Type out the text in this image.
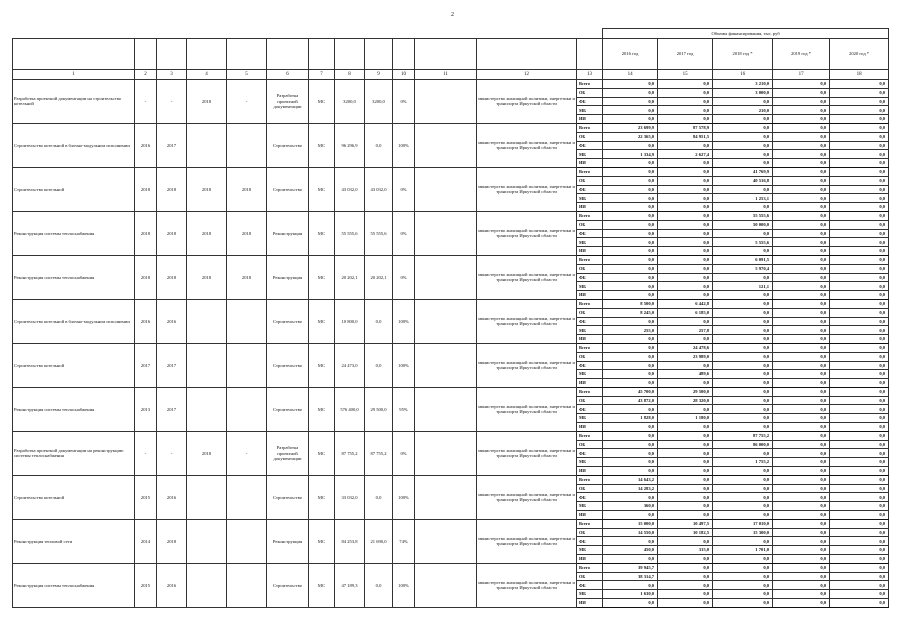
2
													Объемы финансирования, тыс. руб				
													2016 год	2017 год	2018 год *	2019 год *	2020 год *
1	2	3	4	5	6	7	8	9	10	11	12	13	14	15	16	17	18
Разработка проектной документации на строительство котельной	-	-	2018	-	Разработка проектной документации	МС	3200,0	3200,0	0%		министерство жилищной политики, энергетики и транспорта Иркутской области	Всего	0,0	0,0	3 210,0	0,0	0,0
												ОБ	0,0	0,0	3 000,0	0,0	0,0
												ФБ	0,0	0,0	0,0	0,0	0,0
												МБ	0,0	0,0	210,0	0,0	0,0
												ИИ	0,0	0,0	0,0	0,0	0,0
Строительство котельной в блочно-модульном исполнении	2016	2017			Строительство	МС	96 296,9	0,0	100%		министерство жилищной политики, энергетики и транспорта Иркутской области	Всего	23 699,9	87 578,9	0,0	0,0	0,0
												ОБ	22 365,0	84 951,5	0,0	0,0	0,0
												ФБ	0,0	0,0	0,0	0,0	0,0
												МБ	1 334,9	2 627,4	0,0	0,0	0,0
												ИИ	0,0	0,0	0,0	0,0	0,0
Строительство котельной	2018	2018	2018	2018	Строительство	МС	43 032,0	43 032,0	0%		министерство жилищной политики, энергетики и транспорта Иркутской области	Всего	0,0	0,0	41 769,9	0,0	0,0
												ОБ	0,0	0,0	40 516,8	0,0	0,0
												ФБ	0,0	0,0	0,0	0,0	0,0
												МБ	0,0	0,0	1 253,1	0,0	0,0
												ИИ	0,0	0,0	0,0	0,0	0,0
Реконструкция системы теплоснабжения	2018	2018	2018	2018	Реконструкция	МС	55 555,6	55 555,6	0%		министерство жилищной политики, энергетики и транспорта Иркутской области	Всего	0,0	0,0	55 555,6	0,0	0,0
												ОБ	0,0	0,0	50 000,0	0,0	0,0
												ФБ	0,0	0,0	0,0	0,0	0,0
												МБ	0,0	0,0	5 555,6	0,0	0,0
												ИИ	0,0	0,0	0,0	0,0	0,0
Реконструкция системы теплоснабжения	2018	2018	2018	2018	Реконструкция	МС	20 202,1	20 202,1	0%		министерство жилищной политики, энергетики и транспорта Иркутской области	Всего	0,0	0,0	6 091,5	0,0	0,0
												ОБ	0,0	0,0	5 970,4	0,0	0,0
												ФБ	0,0	0,0	0,0	0,0	0,0
												МБ	0,0	0,0	121,1	0,0	0,0
												ИИ	0,0	0,0	0,0	0,0	0,0
Строительство котельной в блочно-модульном исполнении	2016	2016			Строительство	МС	10 800,0	0,0	100%		министерство жилищной политики, энергетики и транспорта Иркутской области	Всего	8 500,0	6 442,8	0,0	0,0	0,0
												ОБ	8 245,0	6 185,0	0,0	0,0	0,0
												ФБ	0,0	0,0	0,0	0,0	0,0
												МБ	255,0	257,8	0,0	0,0	0,0
												ИИ	0,0	0,0	0,0	0,0	0,0
Строительство котельной	2017	2017			Строительство	МС	24 473,0	0,0	100%		министерство жилищной политики, энергетики и транспорта Иркутской области	Всего	0,0	24 478,6	0,0	0,0	0,0
												ОБ	0,0	23 989,0	0,0	0,0	0,0
												ФБ	0,0	0,0	0,0	0,0	0,0
												МБ	0,0	489,6	0,0	0,0	0,0
												ИИ	0,0	0,0	0,0	0,0	0,0
Реконструкция системы теплоснабжения	2013	2017			Строительство	МС	576 400,0	29 500,0	95%		министерство жилищной политики, энергетики и транспорта Иркутской области	Всего	45 700,0	29 500,0	0,0	0,0	0,0
												ОБ	43 872,0	28 320,0	0,0	0,0	0,0
												ФБ	0,0	0,0	0,0	0,0	0,0
												МБ	1 828,0	1 180,0	0,0	0,0	0,0
												ИИ	0,0	0,0	0,0	0,0	0,0
Разработка проектной документации на реконструкцию системы теплоснабжения	-	-	2018	-	Разработка проектной документации	МС	87 755,2	87 755,2	0%		министерство жилищной политики, энергетики и транспорта Иркутской области	Всего	0,0	0,0	87 755,2	0,0	0,0
												ОБ	0,0	0,0	86 000,0	0,0	0,0
												ФБ	0,0	0,0	0,0	0,0	0,0
												МБ	0,0	0,0	1 755,2	0,0	0,0
												ИИ	0,0	0,0	0,0	0,0	0,0
Строительство котельной	2015	2016			Строительство	МС	33 032,0	0,0	100%		министерство жилищной политики, энергетики и транспорта Иркутской области	Всего	14 643,2	0,0	0,0	0,0	0,0
												ОБ	14 283,2	0,0	0,0	0,0	0,0
												ФБ	0,0	0,0	0,0	0,0	0,0
												МБ	360,0	0,0	0,0	0,0	0,0
												ИИ	0,0	0,0	0,0	0,0	0,0
Реконструкция тепловой сети	2014	2018			Реконструкция	МС	84 253,8	21 690,0	74%		министерство жилищной политики, энергетики и транспорта Иркутской области	Всего	15 000,0	10 497,5	17 010,0	0,0	0,0
												ОБ	14 550,0	10 182,5	15 300,0	0,0	0,0
												ФБ	0,0	0,0	0,0	0,0	0,0
												МБ	450,0	315,0	1 701,0	0,0	0,0
												ИИ	0,0	0,0	0,0	0,0	0,0
Реконструкция системы теплоснабжения	2015	2016			Строительство	МС	47 189,3	0,0	100%		министерство жилищной политики, энергетики и транспорта Иркутской области	Всего	39 945,7	0,0	0,0	0,0	0,0
												ОБ	38 314,7	0,0	0,0	0,0	0,0
												ФБ	0,0	0,0	0,0	0,0	0,0
												МБ	1 630,0	0,0	0,0	0,0	0,0
												ИИ	0,0	0,0	0,0	0,0	0,0
